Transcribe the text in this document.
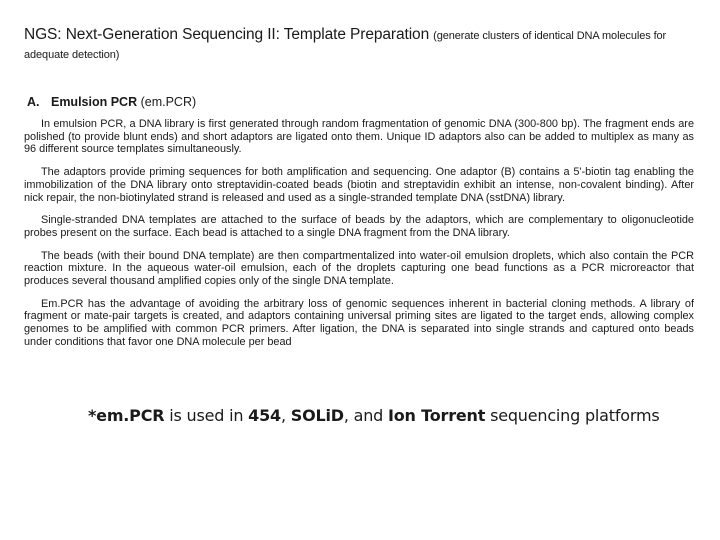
NGS: Next-Generation Sequencing II: Template Preparation (generate clusters of identical DNA molecules for adequate detection)
A. Emulsion PCR (em.PCR)

In emulsion PCR, a DNA library is first generated through random fragmentation of genomic DNA (300-800 bp). The fragment ends are polished (to provide blunt ends) and short adaptors are ligated onto them. Unique ID adaptors also can be added to multiplex as many as 96 different source templates simultaneously.

The adaptors provide priming sequences for both amplification and sequencing. One adaptor (B) contains a 5'-biotin tag enabling the immobilization of the DNA library onto streptavidin-coated beads (biotin and streptavidin exhibit an intense, non-covalent binding). After nick repair, the non-biotinylated strand is released and used as a single-stranded template DNA (sstDNA) library.

Single-stranded DNA templates are attached to the surface of beads by the adaptors, which are complementary to oligonucleotide probes present on the surface. Each bead is attached to a single DNA fragment from the DNA library.

The beads (with their bound DNA template) are then compartmentalized into water-oil emulsion droplets, which also contain the PCR reaction mixture. In the aqueous water-oil emulsion, each of the droplets capturing one bead functions as a PCR microreactor that produces several thousand amplified copies only of the single DNA template.

Em.PCR has the advantage of avoiding the arbitrary loss of genomic sequences inherent in bacterial cloning methods. A library of fragment or mate-pair targets is created, and adaptors containing universal priming sites are ligated to the target ends, allowing complex genomes to be amplified with common PCR primers. After ligation, the DNA is separated into single strands and captured onto beads under conditions that favor one DNA molecule per bead

*em.PCR is used in 454, SOLiD, and Ion Torrent sequencing platforms
